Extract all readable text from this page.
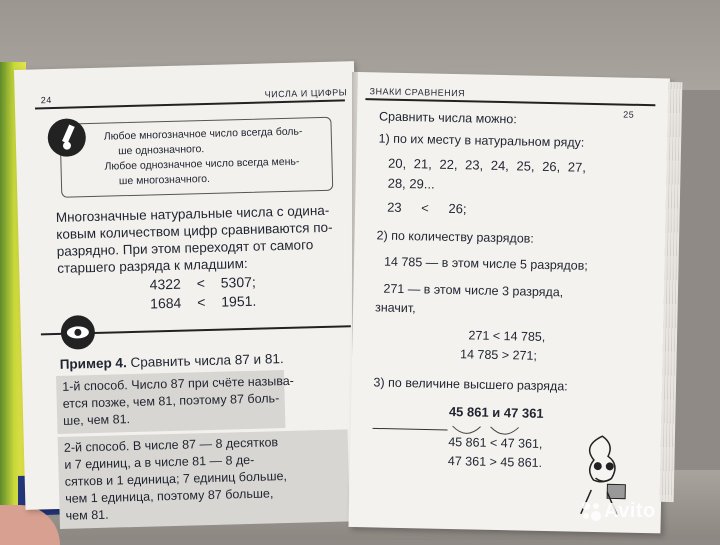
24
ЧИСЛА И ЦИФРЫ
Любое многозначное число всегда боль-
ше однозначного.
Любое однозначное число всегда мень-
ше многозначного.
Многозначные натуральные числа с одина-
ковым количеством цифр сравниваются по-
разрядно. При этом переходят от самого
старшего разряда к младшим:
4322 < 5307;
1684 < 1951.
Пример 4. Сравнить числа 87 и 81.
1-й способ. Число 87 при счёте называ-
ется позже, чем 81, поэтому 87 боль-
ше, чем 81.
2-й способ. В числе 87 — 8 десятков
и 7 единиц, а в числе 81 — 8 де-
сятков и 1 единица; 7 единиц больше,
чем 1 единица, поэтому 87 больше,
чем 81.
ЗНАКИ СРАВНЕНИЯ
25
Сравнить числа можно:
1) по их месту в натуральном ряду:
20, 21, 22, 23, 24, 25, 26, 27,
28, 29...
23 < 26;
2) по количеству разрядов:
14 785 — в этом числе 5 разрядов;
271 — в этом числе 3 разряда,
значит,
271 < 14 785,
14 785 > 271;
3) по величине высшего разряда:
45 861 и 47 361
45 861 < 47 361,
47 361 > 45 861.
Avito
